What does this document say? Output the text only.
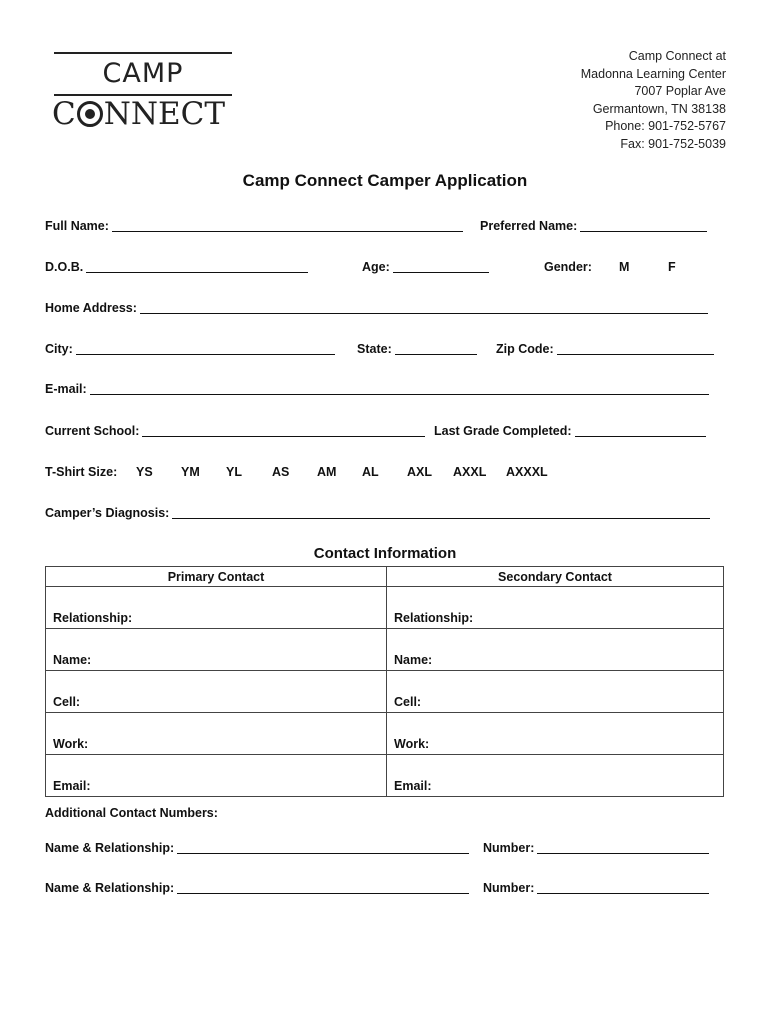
CAMP
C NNECT
Camp Connect at
Madonna Learning Center
7007 Poplar Ave
Germantown, TN 38138
Phone: 901-752-5767
Fax: 901-752-5039
Camp Connect Camper Application
Full Name:	Preferred Name:
D.O.B.	Age:	Gender: M	F
Home Address:
City:	State:	Zip Code:
E-mail:
Current School:	Last Grade Completed:
T-Shirt Size: YS YM YL AS AM AL AXL AXXL AXXXL
Camper’s Diagnosis:
Contact Information
Primary Contact	Secondary Contact
Relationship:	Relationship:
Name:	Name:
Cell:	Cell:
Work:	Work:
Email:	Email:
Additional Contact Numbers:
Name & Relationship:	Number:
Name & Relationship:	Number:
